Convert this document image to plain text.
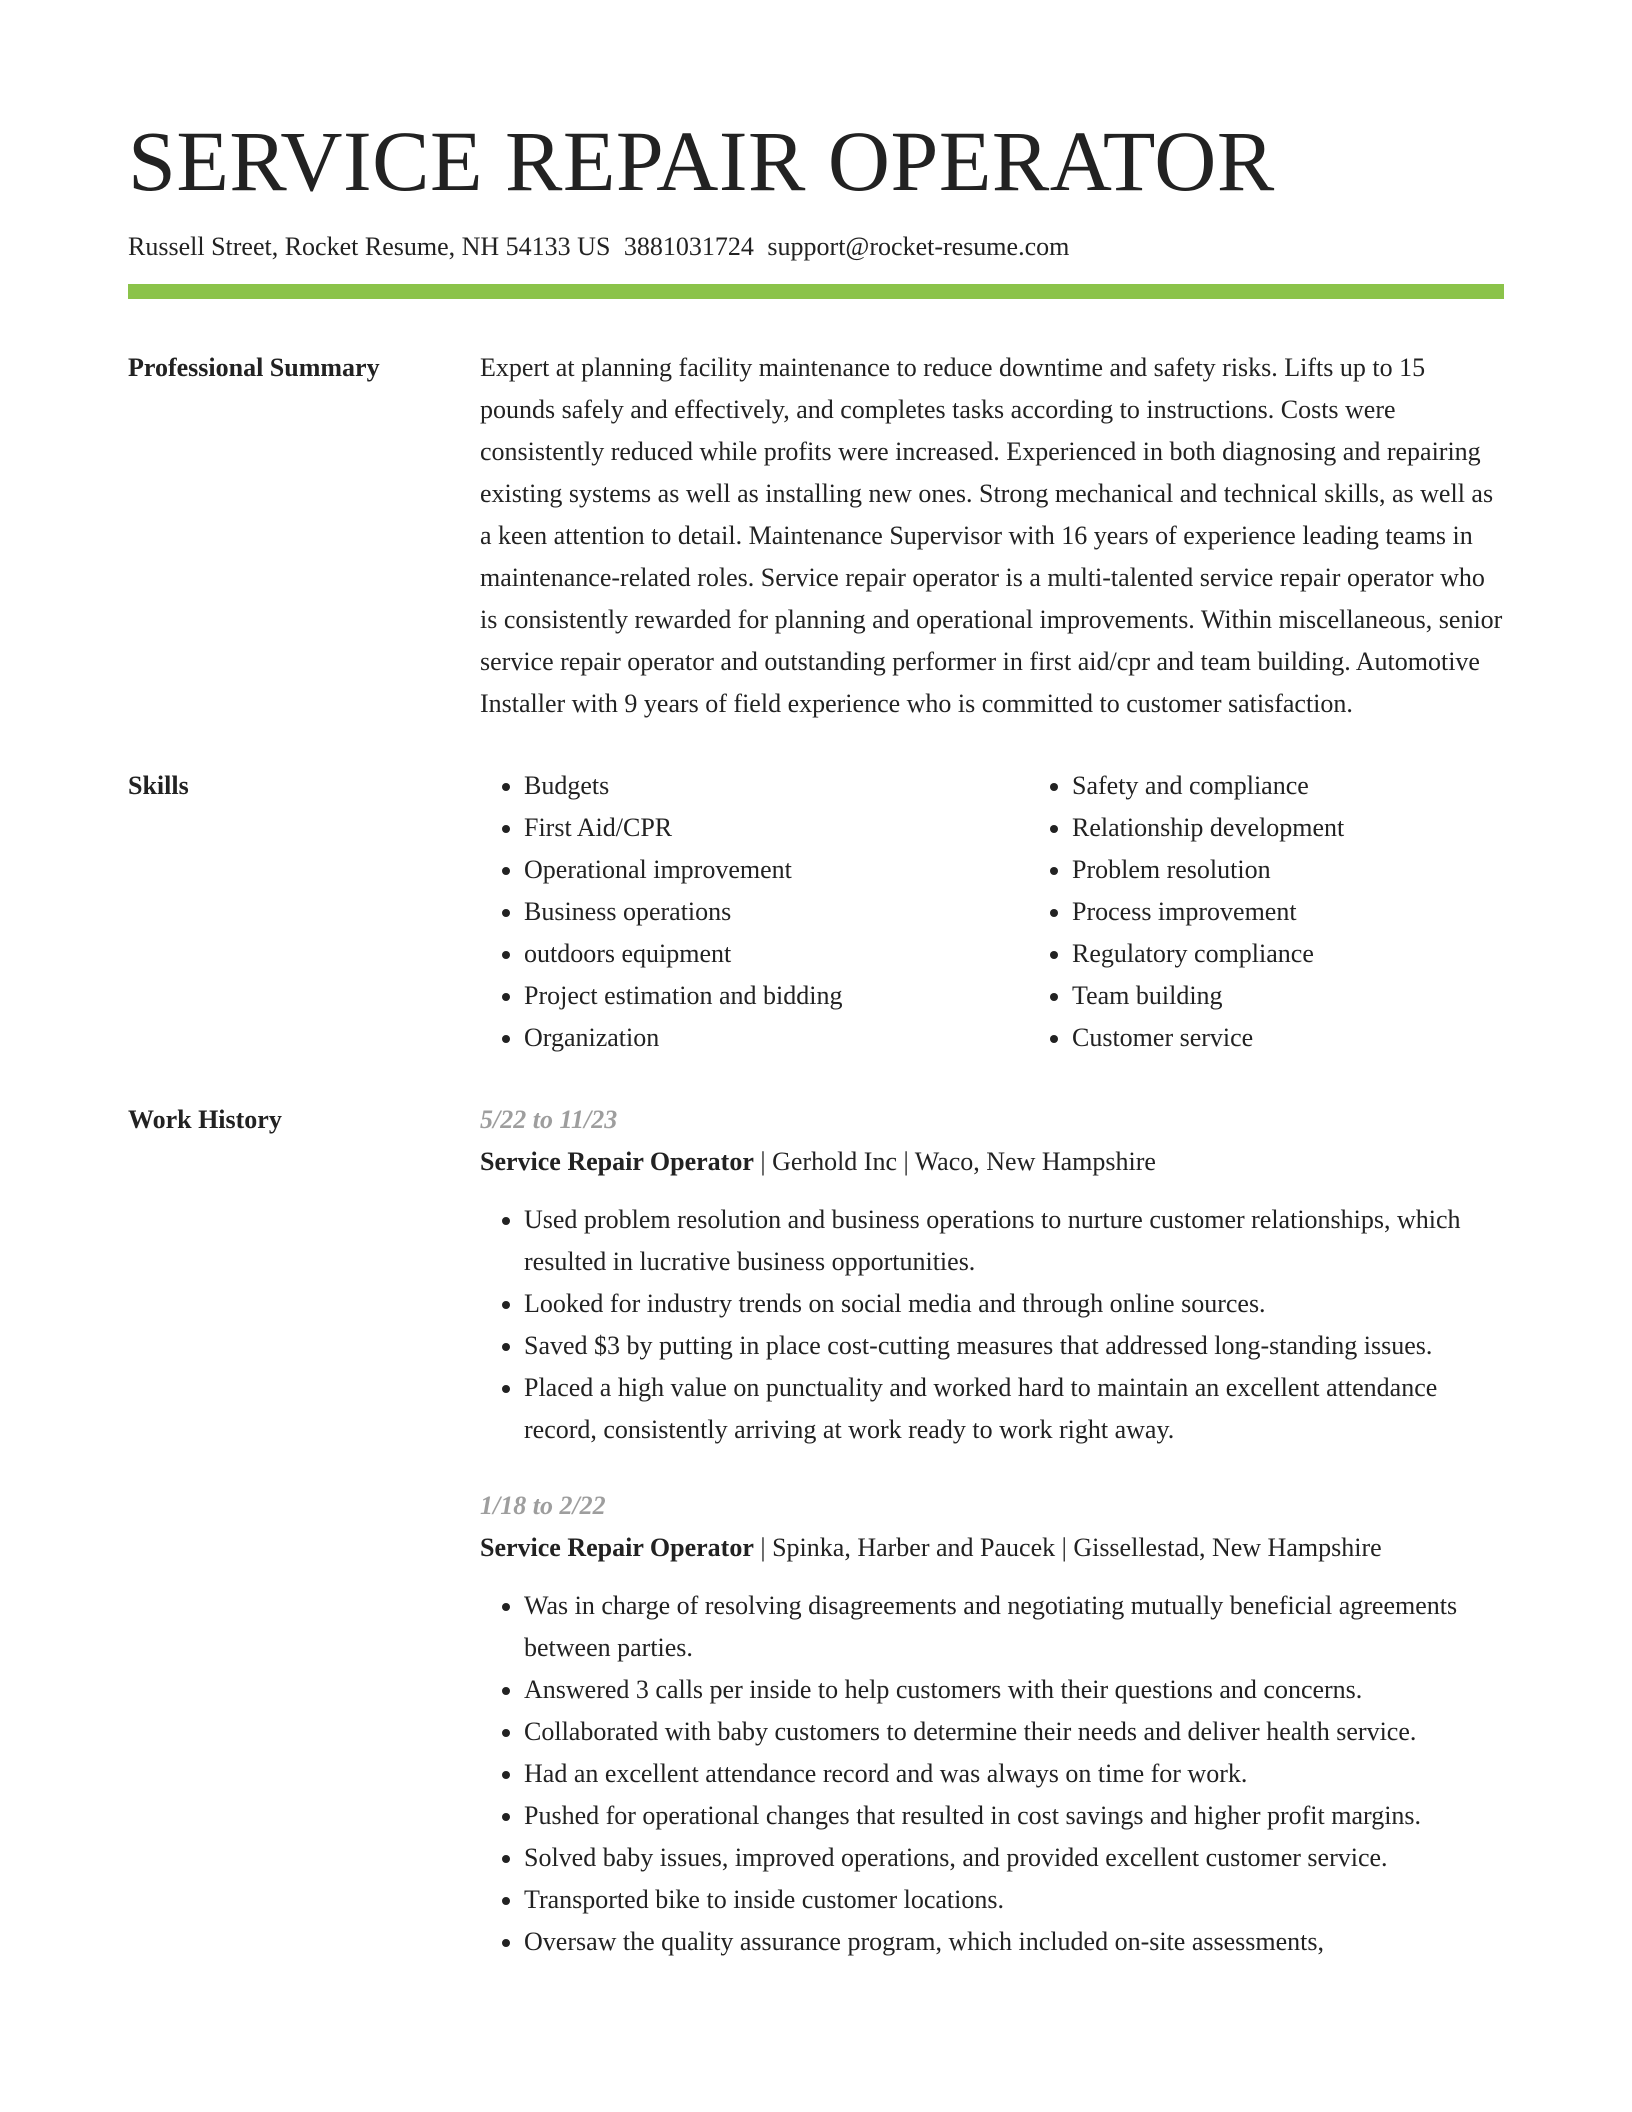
SERVICE REPAIR OPERATOR
Russell Street, Rocket Resume, NH 54133 US 3881031724 support@rocket-resume.com
Professional Summary	Expert at planning facility maintenance to reduce downtime and safety risks. Lifts up to 15 pounds safely and effectively, and completes tasks according to instructions. Costs were consistently reduced while profits were increased. Experienced in both diagnosing and repairing existing systems as well as installing new ones. Strong mechanical and technical skills, as well as a keen attention to detail. Maintenance Supervisor with 16 years of experience leading teams in maintenance-related roles. Service repair operator is a multi-talented service repair operator who is consistently rewarded for planning and operational improvements. Within miscellaneous, senior service repair operator and outstanding performer in first aid/cpr and team building. Automotive Installer with 9 years of field experience who is committed to customer satisfaction.

Skills
•	Budgets
• First Aid/CPR
• Operational improvement
• Business operations
• outdoors equipment
• Project estimation and bidding
• Organization
• Safety and compliance
• Relationship development
• Problem resolution
• Process improvement
• Regulatory compliance
• Team building
• Customer service
Work History	5/22 to 11/23
Service Repair Operator | Gerhold Inc | Waco, New Hampshire
• Used problem resolution and business operations to nurture customer relationships, which resulted in lucrative business opportunities.
• Looked for industry trends on social media and through online sources.
• Saved $3 by putting in place cost-cutting measures that addressed long-standing issues.
• Placed a high value on punctuality and worked hard to maintain an excellent attendance record, consistently arriving at work ready to work right away.
1/18 to 2/22
Service Repair Operator | Spinka, Harber and Paucek | Gissellestad, New Hampshire
• Was in charge of resolving disagreements and negotiating mutually beneficial agreements between parties.
• Answered 3 calls per inside to help customers with their questions and concerns.
• Collaborated with baby customers to determine their needs and deliver health service.
• Had an excellent attendance record and was always on time for work.
• Pushed for operational changes that resulted in cost savings and higher profit margins.
• Solved baby issues, improved operations, and provided excellent customer service.
• Transported bike to inside customer locations.
• Oversaw the quality assurance program, which included on-site assessments,
